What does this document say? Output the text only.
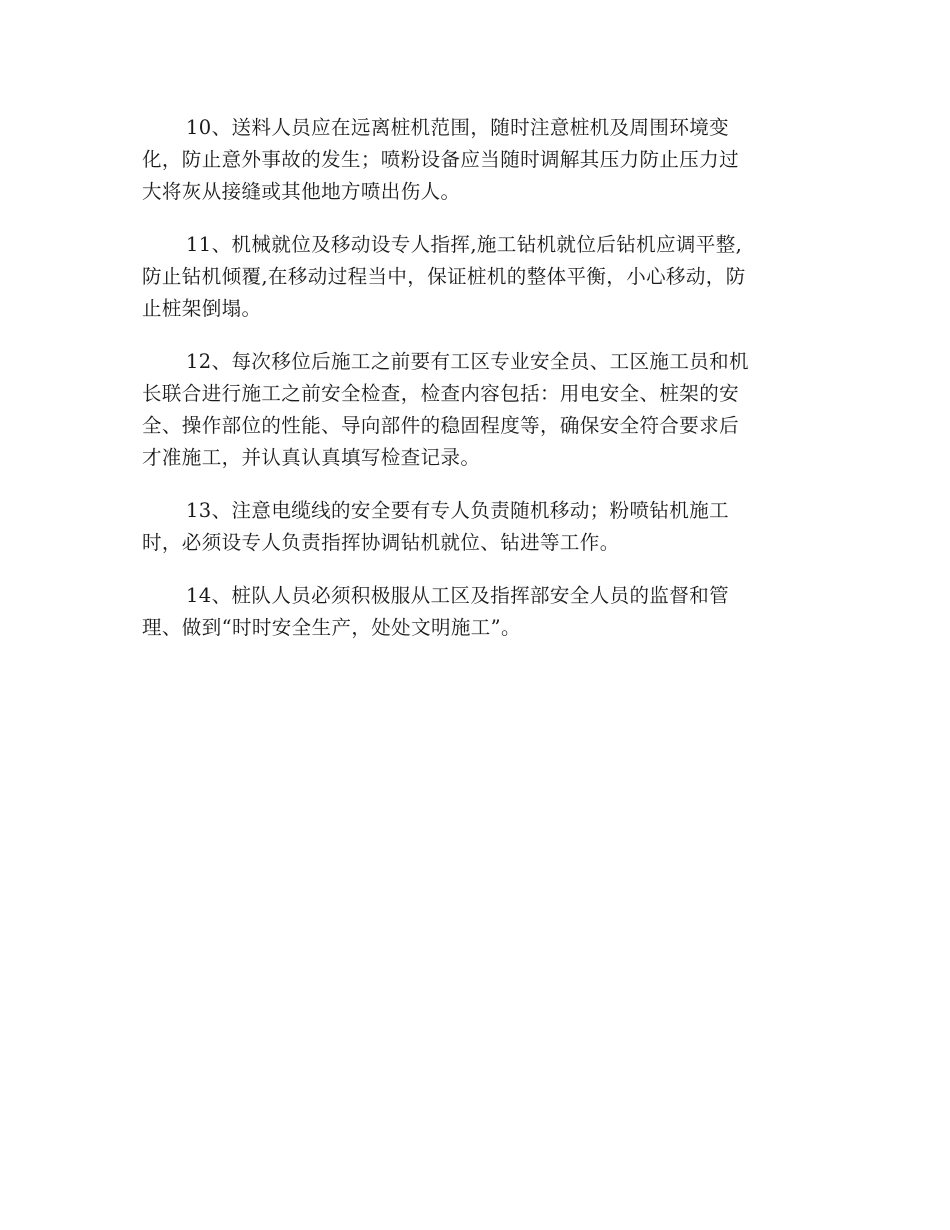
10、送料人员应在远离桩机范围，随时注意桩机及周围环境变
化，防止意外事故的发生；喷粉设备应当随时调解其压力防止压力过
大将灰从接缝或其他地方喷出伤人。

11、机械就位及移动设专人指挥,施工钻机就位后钻机应调平整,
防止钻机倾覆,在移动过程当中，保证桩机的整体平衡，小心移动，防
止桩架倒塌。

12、每次移位后施工之前要有工区专业安全员、工区施工员和机
长联合进行施工之前安全检查，检查内容包括：用电安全、桩架的安
全、操作部位的性能、导向部件的稳固程度等，确保安全符合要求后
才准施工，并认真认真填写检查记录。

13、注意电缆线的安全要有专人负责随机移动；粉喷钻机施工
时，必须设专人负责指挥协调钻机就位、钻进等工作。

14、桩队人员必须积极服从工区及指挥部安全人员的监督和管
理、做到“时时安全生产，处处文明施工”。
